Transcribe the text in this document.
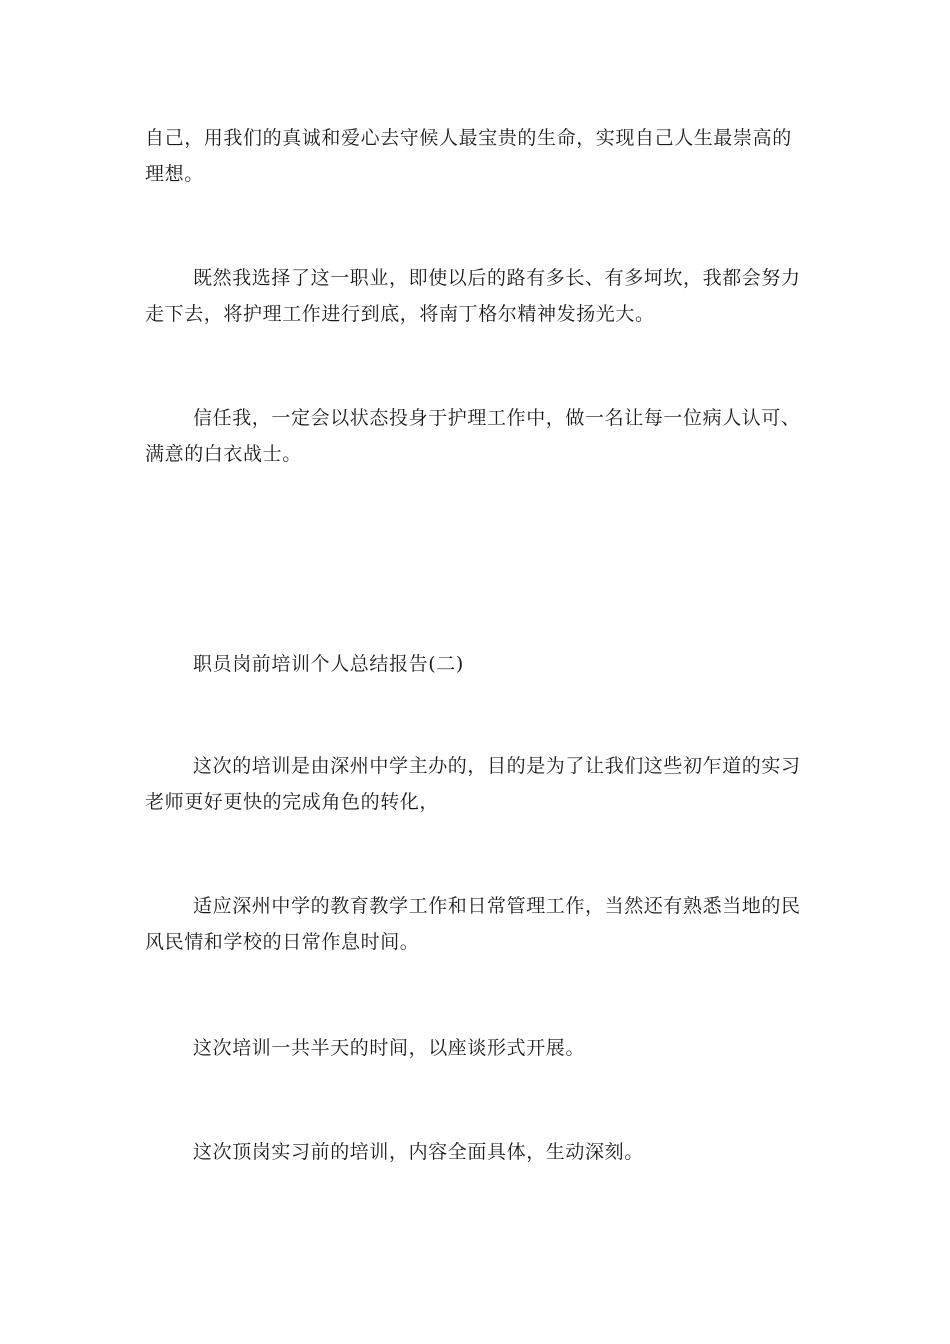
自己，用我们的真诚和爱心去守候人最宝贵的生命，实现自己人生最崇高的理想。

既然我选择了这一职业，即使以后的路有多长、有多坷坎，我都会努力走下去，将护理工作进行到底，将南丁格尔精神发扬光大。

信任我，一定会以状态投身于护理工作中，做一名让每一位病人认可、满意的白衣战士。

职员岗前培训个人总结报告(二)

这次的培训是由深州中学主办的，目的是为了让我们这些初乍道的实习老师更好更快的完成角色的转化，

适应深州中学的教育教学工作和日常管理工作，当然还有熟悉当地的民风民情和学校的日常作息时间。

这次培训一共半天的时间，以座谈形式开展。

这次顶岗实习前的培训，内容全面具体，生动深刻。
